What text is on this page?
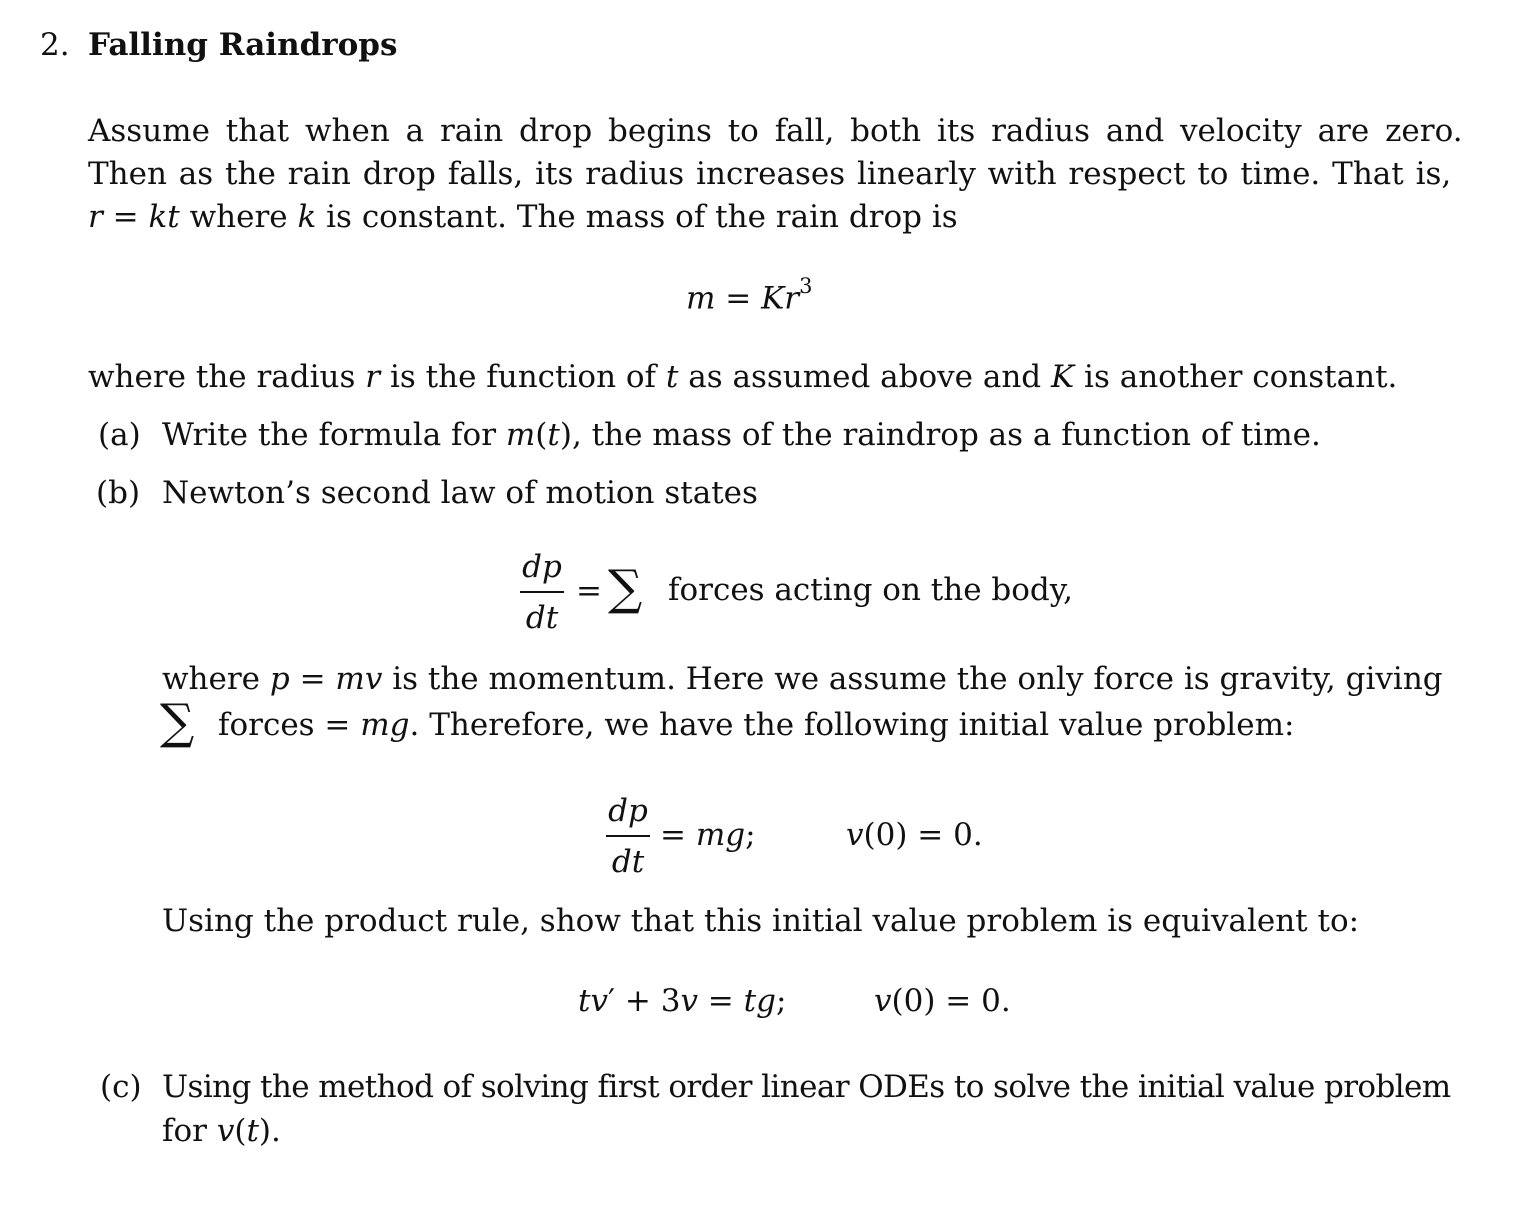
2. Falling Raindrops
Assume that when a rain drop begins to fall, both its radius and velocity are zero.
Then as the rain drop falls, its radius increases linearly with respect to time. That is,
r = kt where k is constant. The mass of the rain drop is
$m = Kr^3$
where the radius r is the function of t as assumed above and K is another constant.
(a) Write the formula for m(t), the mass of the raindrop as a function of time.
(b) Newton’s second law of motion states
dp
dt
= ∑ forces acting on the body,
where p = mv is the momentum. Here we assume the only force is gravity, giving
∑ forces = mg. Therefore, we have the following initial value problem:
dp
dt
= mg;	v(0) = 0.
Using the product rule, show that this initial value problem is equivalent to:
tv′ + 3v = tg;	v(0) = 0.
(c) Using the method of solving first order linear ODEs to solve the initial value problem
for v(t).
